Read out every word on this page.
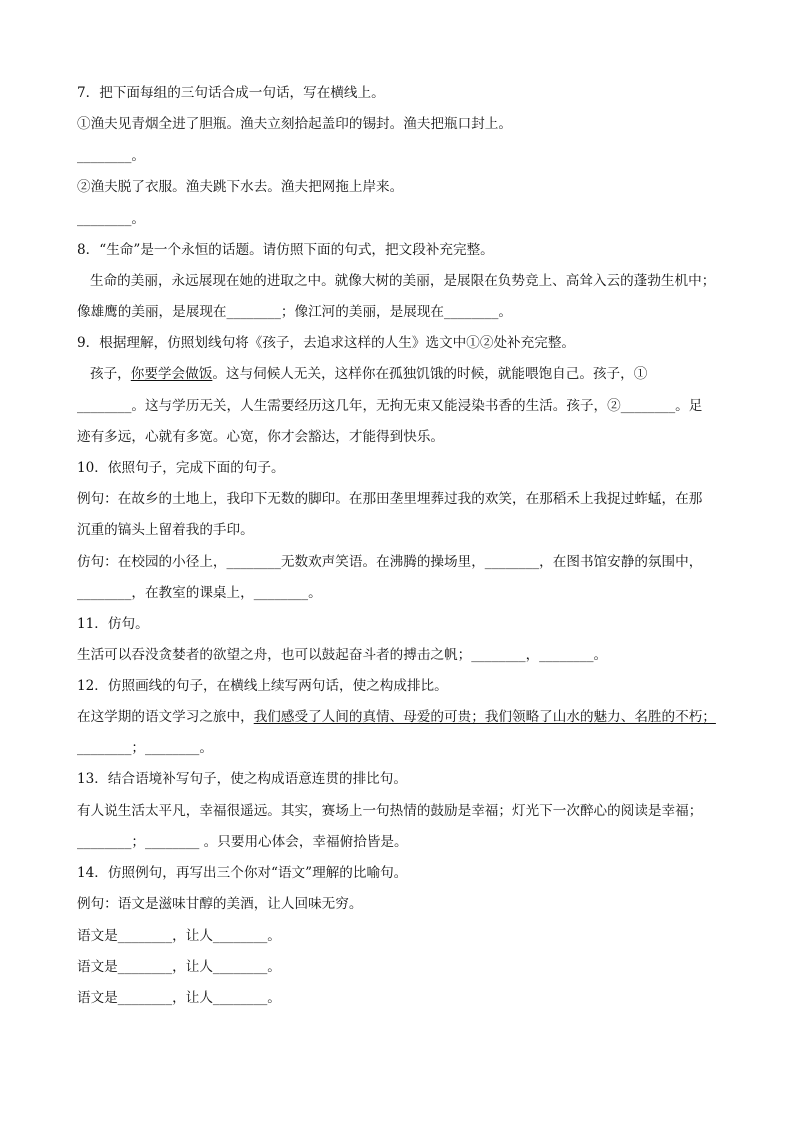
7．把下面每组的三句话合成一句话，写在横线上。
①渔夫见青烟全进了胆瓶。渔夫立刻拾起盖印的锡封。渔夫把瓶口封上。
________。
②渔夫脱了衣服。渔夫跳下水去。渔夫把网拖上岸来。
________。
8．“生命”是一个永恒的话题。请仿照下面的句式，把文段补充完整。
生命的美丽，永远展现在她的进取之中。就像大树的美丽，是展限在负势竞上、高耸入云的蓬勃生机中；
像雄鹰的美丽，是展现在________；像江河的美丽，是展现在________。
9．根据理解，仿照划线句将《孩子，去追求这样的人生》选文中①②处补充完整。
孩子，你要学会做饭。这与伺候人无关，这样你在孤独饥饿的时候，就能喂饱自己。孩子，①
________。这与学历无关，人生需要经历这几年，无拘无束又能浸染书香的生活。孩子，②________。足
迹有多远，心就有多宽。心宽，你才会豁达，才能得到快乐。
10．依照句子，完成下面的句子。
例句：在故乡的土地上，我印下无数的脚印。在那田垄里埋葬过我的欢笑，在那稻禾上我捉过蚱蜢，在那
沉重的镐头上留着我的手印。
仿句：在校园的小径上，________无数欢声笑语。在沸腾的操场里，________，在图书馆安静的氛围中，
________，在教室的课桌上，________。
11．仿句。
生活可以吞没贪婪者的欲望之舟，也可以鼓起奋斗者的搏击之帆；________，________。
12．仿照画线的句子，在横线上续写两句话，使之构成排比。
在这学期的语文学习之旅中，我们感受了人间的真情、母爱的可贵；我们领略了山水的魅力、名胜的不朽；
________；________。
13．结合语境补写句子，使之构成语意连贯的排比句。
有人说生活太平凡，幸福很遥远。其实，赛场上一句热情的鼓励是幸福；灯光下一次醉心的阅读是幸福；
________；________ 。只要用心体会，幸福俯拾皆是。
14．仿照例句，再写出三个你对“语文”理解的比喻句。
例句：语文是滋味甘醇的美酒，让人回味无穷。
语文是________，让人________。
语文是________，让人________。
语文是________，让人________。
